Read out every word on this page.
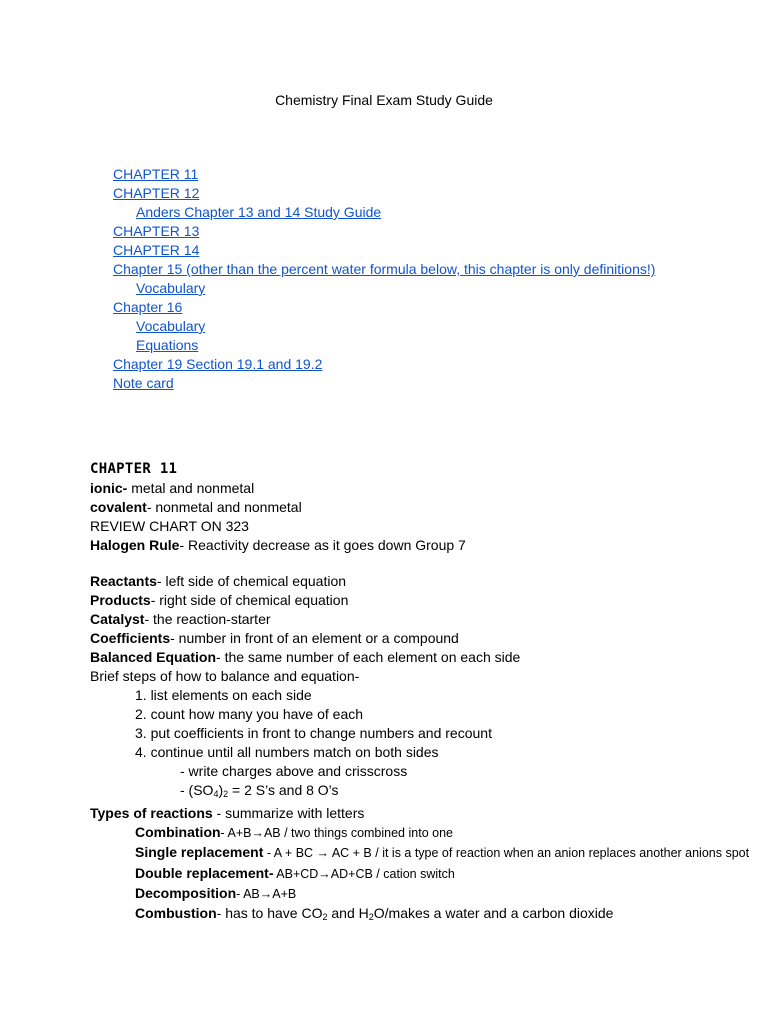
Chemistry Final Exam Study Guide
CHAPTER 11
CHAPTER 12
Anders Chapter 13 and 14 Study Guide
CHAPTER 13
CHAPTER 14
Chapter 15 (other than the percent water formula below, this chapter is only definitions!)
Vocabulary
Chapter 16
Vocabulary
Equations
Chapter 19 Section 19.1 and 19.2
Note card
CHAPTER 11
ionic- metal and nonmetal
covalent- nonmetal and nonmetal
REVIEW CHART ON 323
Halogen Rule- Reactivity decrease as it goes down Group 7
Reactants- left side of chemical equation
Products- right side of chemical equation
Catalyst- the reaction-starter
Coefficients- number in front of an element or a compound
Balanced Equation- the same number of each element on each side
Brief steps of how to balance and equation-
1. list elements on each side
2. count how many you have of each
3. put coefficients in front to change numbers and recount
4. continue until all numbers match on both sides
- write charges above and crisscross
- $(SO_4)_2 = 2$ S’s and 8 O’s
Types of reactions - summarize with letters
Combination- A+B→AB / two things combined into one
Single replacement - A + BC → AC + B / it is a type of reaction when an anion replaces another anions spot
Double replacement- AB+CD→AD+CB / cation switch
Decomposition- AB→A+B
Combustion- has to have $CO_2$ and $H_2O$/makes a water and a carbon dioxide
